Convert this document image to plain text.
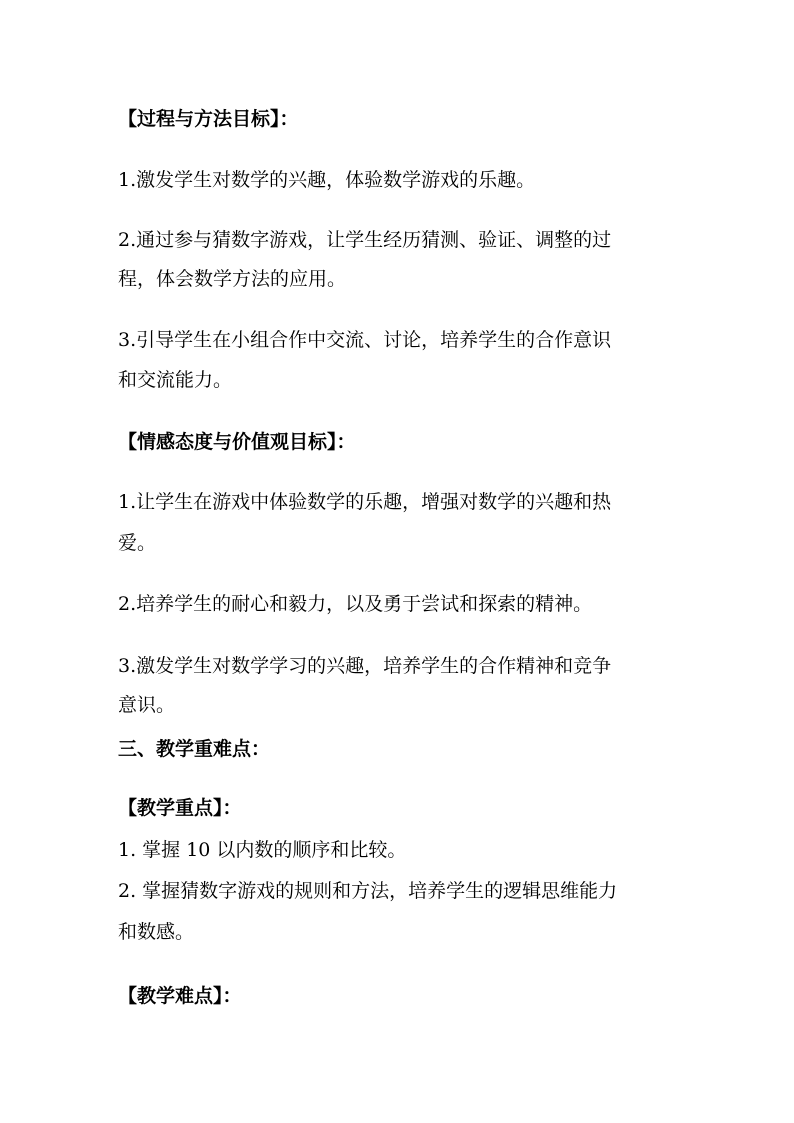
【过程与方法目标】：
1.激发学生对数学的兴趣，体验数学游戏的乐趣。
2.通过参与猜数字游戏，让学生经历猜测、验证、调整的过
程，体会数学方法的应用。
3.引导学生在小组合作中交流、讨论，培养学生的合作意识
和交流能力。
【情感态度与价值观目标】：
1.让学生在游戏中体验数学的乐趣，增强对数学的兴趣和热
爱。
2.培养学生的耐心和毅力，以及勇于尝试和探索的精神。
3.激发学生对数学学习的兴趣，培养学生的合作精神和竞争
意识。
三、教学重难点：
【教学重点】：
1. 掌握 10 以内数的顺序和比较。
2. 掌握猜数字游戏的规则和方法，培养学生的逻辑思维能力
和数感。
【教学难点】：
